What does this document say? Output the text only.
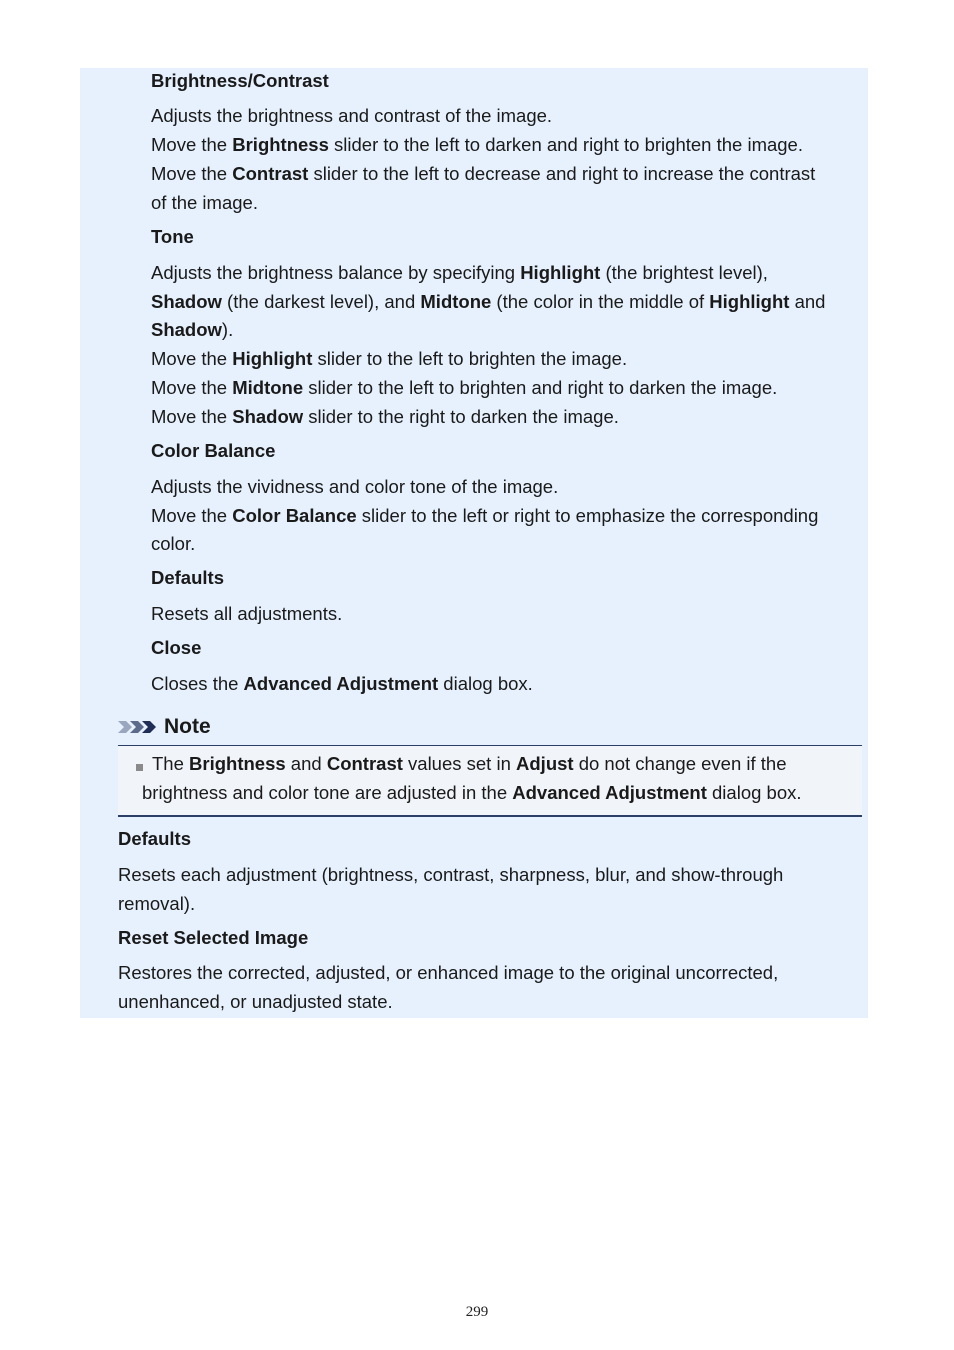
Brightness/Contrast

Adjusts the brightness and contrast of the image.

Move the Brightness slider to the left to darken and right to brighten the image.

Move the Contrast slider to the left to decrease and right to increase the contrast

of the image.

Tone

Adjusts the brightness balance by specifying Highlight (the brightest level),

Shadow (the darkest level), and Midtone (the color in the middle of Highlight and

Shadow).

Move the Highlight slider to the left to brighten the image.

Move the Midtone slider to the left to brighten and right to darken the image.

Move the Shadow slider to the right to darken the image.

Color Balance

Adjusts the vividness and color tone of the image.

Move the Color Balance slider to the left or right to emphasize the corresponding

color.

Defaults

Resets all adjustments.

Close

Closes the Advanced Adjustment dialog box.

Note

The Brightness and Contrast values set in Adjust do not change even if the

brightness and color tone are adjusted in the Advanced Adjustment dialog box.

Defaults

Resets each adjustment (brightness, contrast, sharpness, blur, and show-through

removal).

Reset Selected Image

Restores the corrected, adjusted, or enhanced image to the original uncorrected,

unenhanced, or unadjusted state.

299
